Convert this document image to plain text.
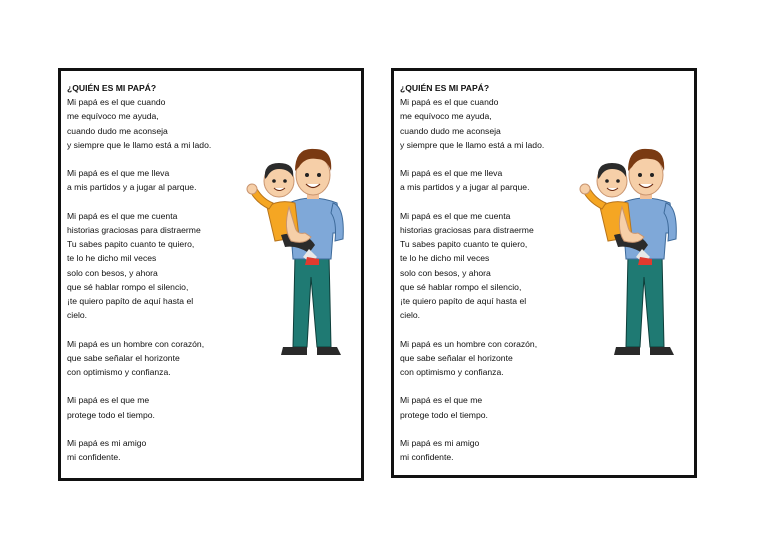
¿QUIÉN ES MI PAPÁ?
Mi papá es el que cuando
me equívoco me ayuda,
cuando dudo me aconseja
y siempre que le llamo está a mi lado.
Mi papá es el que me lleva
a mis partidos y a jugar al parque.
Mi papá es el que me cuenta
historias graciosas para distraerme
Tu sabes papito cuanto te quiero,
te lo he dicho mil veces
solo con besos, y ahora
que sé hablar rompo el silencio,
¡te quiero papíto de aquí hasta el
cielo.
Mi papá es un hombre con corazón,
que sabe señalar el horizonte
con optimismo y confianza.
Mi papá es el que me
protege todo el tiempo.
Mi papá es mi amigo
mi confidente.
¿QUIÉN ES MI PAPÁ?
Mi papá es el que cuando
me equívoco me ayuda,
cuando dudo me aconseja
y siempre que le llamo está a mi lado.
Mi papá es el que me lleva
a mis partidos y a jugar al parque.
Mi papá es el que me cuenta
historias graciosas para distraerme
Tu sabes papito cuanto te quiero,
te lo he dicho mil veces
solo con besos, y ahora
que sé hablar rompo el silencio,
¡te quiero papíto de aquí hasta el
cielo.
Mi papá es un hombre con corazón,
que sabe señalar el horizonte
con optimismo y confianza.
Mi papá es el que me
protege todo el tiempo.
Mi papá es mi amigo
mi confidente.
